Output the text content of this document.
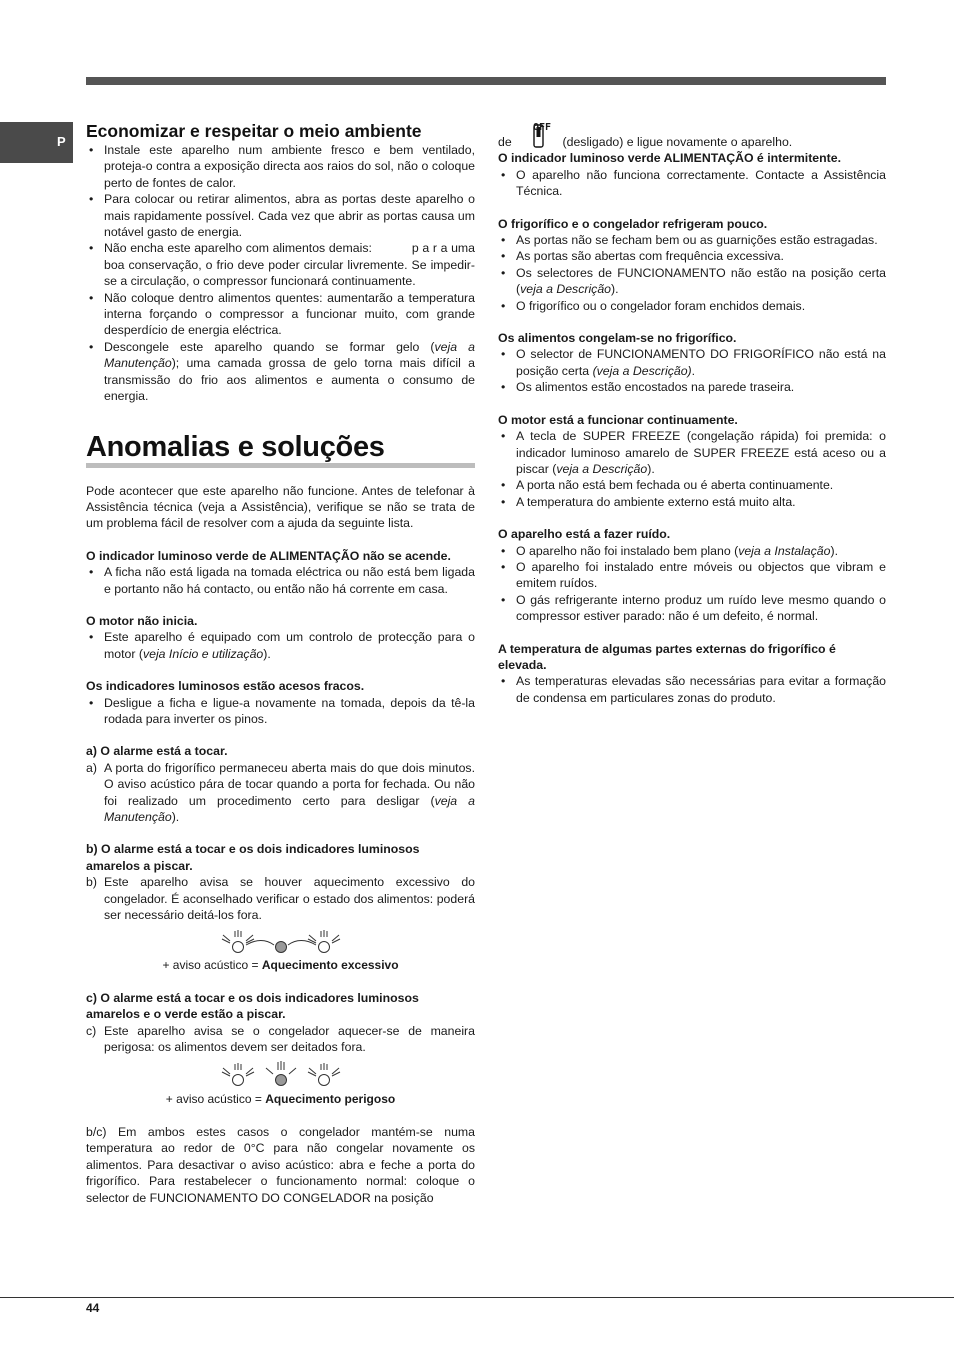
P
Economizar e respeitar o meio ambiente
• Instale este aparelho num ambiente fresco e bem ventilado, proteja-o contra a exposição directa aos raios do sol, não o coloque perto de fontes de calor.
• Para colocar ou retirar alimentos, abra as portas deste aparelho o mais rapidamente possível. Cada vez que abrir as portas causa um notável gasto de energia.
• Não encha este aparelho com alimentos demais:           p a r a uma boa conservação, o frio deve poder circular livremente. Se impedir-se a circulação, o compressor funcionará continuamente.
• Não coloque dentro alimentos quentes: aumentarão a temperatura interna forçando o compressor a funcionar muito, com grande desperdício de energia eléctrica.
• Descongele este aparelho quando se formar gelo (veja a Manutenção); uma camada grossa de gelo torna mais difícil a transmissão do frio aos alimentos e aumenta o consumo de energia.
Anomalias e soluções

Pode acontecer que este aparelho não funcione. Antes de telefonar à Assistência técnica (veja a Assistência), verifique se não se trata de um problema fácil de resolver com a ajuda da seguinte lista.

O indicador luminoso verde de ALIMENTAÇÃO não se acende.

• A ficha não está ligada na tomada eléctrica ou não está bem ligada e portanto não há contacto, ou então não há corrente em casa.

O motor não inicia.

• Este aparelho é equipado com um controlo de protecção para o motor (veja Início e utilização).

Os indicadores luminosos estão acesos fracos.

• Desligue a ficha e ligue-a novamente na tomada, depois da tê-la rodada para inverter os pinos.

a) O alarme está a tocar.

a) A porta do frigorífico permaneceu aberta mais do que dois minutos. O aviso acústico pára de tocar quando a porta for fechada. Ou não foi realizado um procedimento certo para desligar (veja a Manutenção).

b) O alarme está a tocar e os dois indicadores luminosos amarelos a piscar.

b) Este aparelho avisa se houver aquecimento excessivo do congelador. É aconselhado verificar o estado dos alimentos: poderá ser necessário deitá-los fora.
+ aviso acústico = Aquecimento excessivo

c) O alarme está a tocar e os dois indicadores luminosos amarelos e o verde estão a piscar.

c) Este aparelho avisa se o congelador aquecer-se de maneira perigosa: os alimentos devem ser deitados fora.
+ aviso acústico = Aquecimento perigoso

b/c) Em ambos estes casos o congelador mantém-se numa temperatura ao redor de 0°C para não congelar novamente os alimentos. Para desactivar o aviso acústico: abra e feche a porta do frigorífico. Para restabelecer o funcionamento normal: coloque o selector de FUNCIONAMENTO DO CONGELADOR na posição

de	(desligado) e ligue novamente o aparelho.

OFF

O indicador luminoso verde ALIMENTAÇÃO é intermitente.

• O aparelho não funciona correctamente. Contacte a Assistência Técnica.

O frigorífico e o congelador refrigeram pouco.

• As portas não se fecham bem ou as guarnições estão estragadas.
• As portas são abertas com frequência excessiva.
• Os selectores de FUNCIONAMENTO não estão na posição certa (veja a Descrição).
• O frigorífico ou o congelador foram enchidos demais.

Os alimentos congelam-se no frigorífico.

• O selector de FUNCIONAMENTO DO FRIGORÍFICO não está na posição certa (veja a Descrição).
• Os alimentos estão encostados na parede traseira.

O motor está a funcionar continuamente.

• A tecla de SUPER FREEZE (congelação rápida) foi premida: o indicador luminoso amarelo de SUPER FREEZE está aceso ou a piscar (veja a Descrição).
• A porta não está bem fechada ou é aberta continuamente.
• A temperatura do ambiente externo está muito alta.

O aparelho está a fazer ruído.

• O aparelho não foi instalado bem plano (veja a Instalação).
• O aparelho foi instalado entre móveis ou objectos que vibram e emitem ruídos.
• O gás refrigerante interno produz um ruído leve mesmo quando o compressor estiver parado: não é um defeito, é normal.

A temperatura de algumas partes externas do frigorífico é elevada.

• As temperaturas elevadas são necessárias para evitar a formação de condensa em particulares zonas do produto.
44
